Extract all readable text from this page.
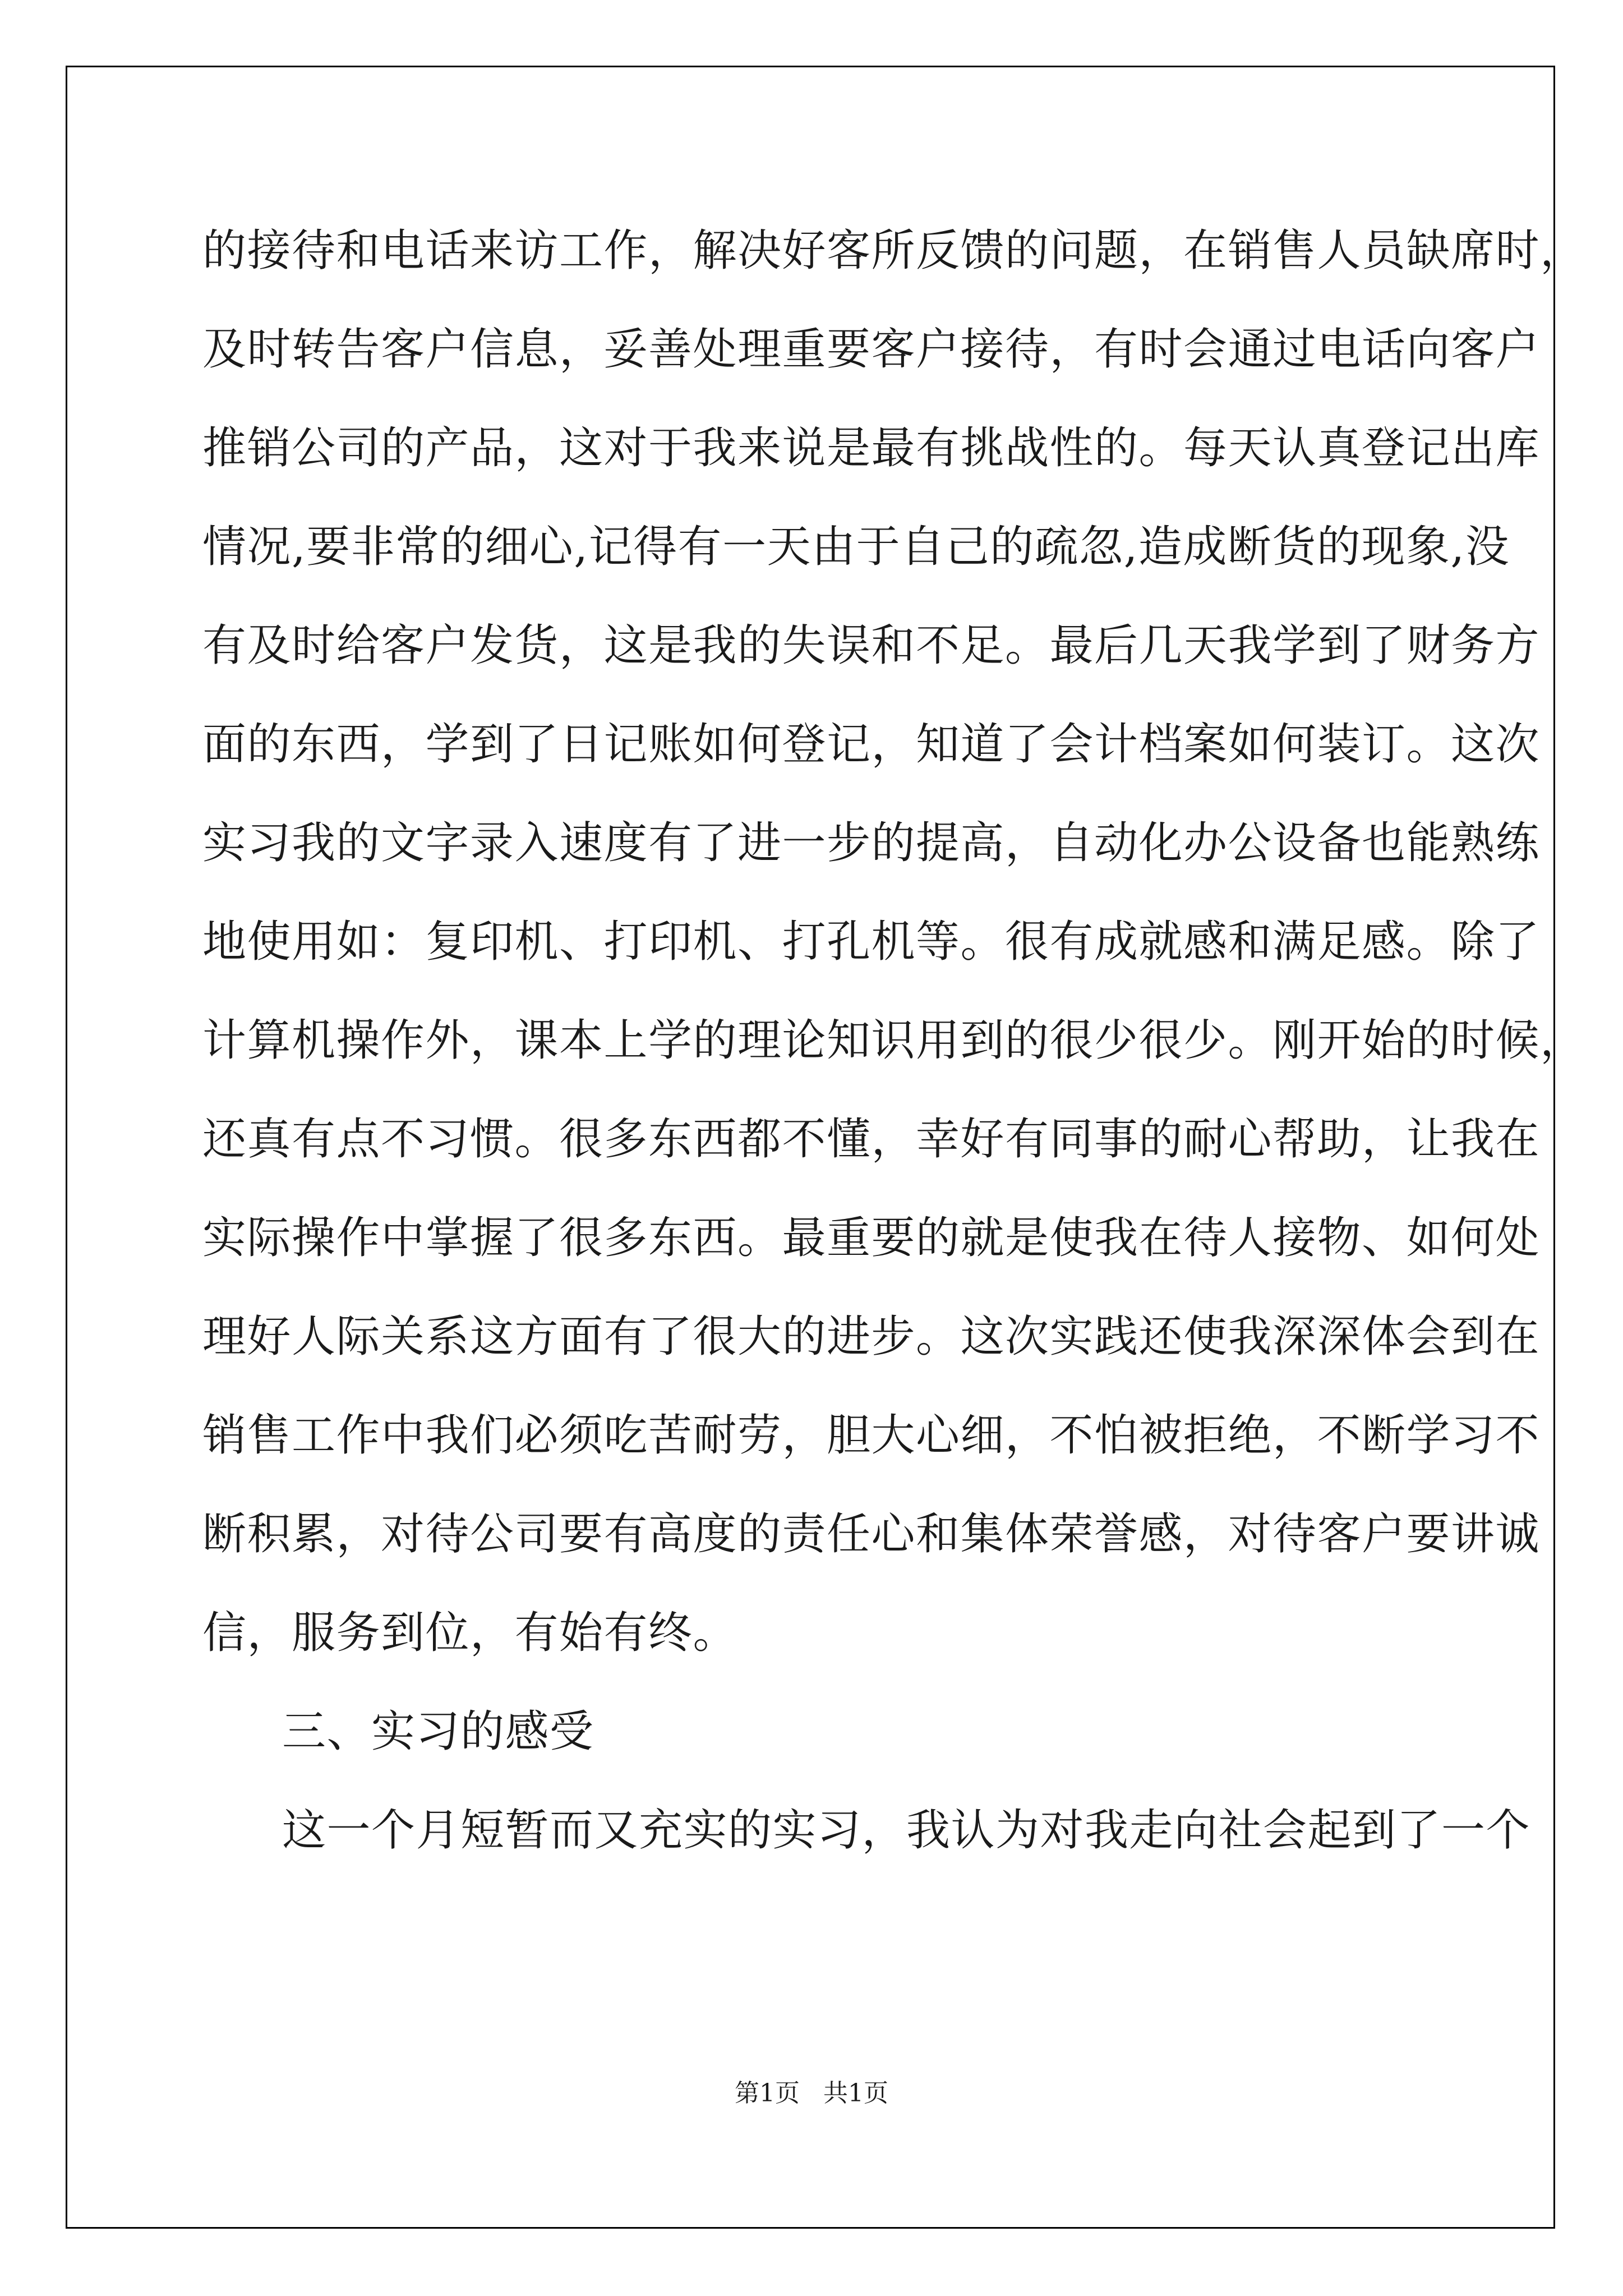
的接待和电话来访工作，解决好客所反馈的问题，在销售人员缺席时，
及时转告客户信息，妥善处理重要客户接待，有时会通过电话向客户
推销公司的产品，这对于我来说是最有挑战性的。每天认真登记出库
情况,要非常的细心,记得有一天由于自己的疏忽,造成断货的现象,没
有及时给客户发货，这是我的失误和不足。最后几天我学到了财务方
面的东西，学到了日记账如何登记，知道了会计档案如何装订。这次
实习我的文字录入速度有了进一步的提高，自动化办公设备也能熟练
地使用如：复印机、打印机、打孔机等。很有成就感和满足感。除了
计算机操作外，课本上学的理论知识用到的很少很少。刚开始的时候，
还真有点不习惯。很多东西都不懂，幸好有同事的耐心帮助，让我在
实际操作中掌握了很多东西。最重要的就是使我在待人接物、如何处
理好人际关系这方面有了很大的进步。这次实践还使我深深体会到在
销售工作中我们必须吃苦耐劳，胆大心细，不怕被拒绝，不断学习不
断积累，对待公司要有高度的责任心和集体荣誉感，对待客户要讲诚
信，服务到位，有始有终。
三、实习的感受
这一个月短暂而又充实的实习，我认为对我走向社会起到了一个
第1页   共1页
